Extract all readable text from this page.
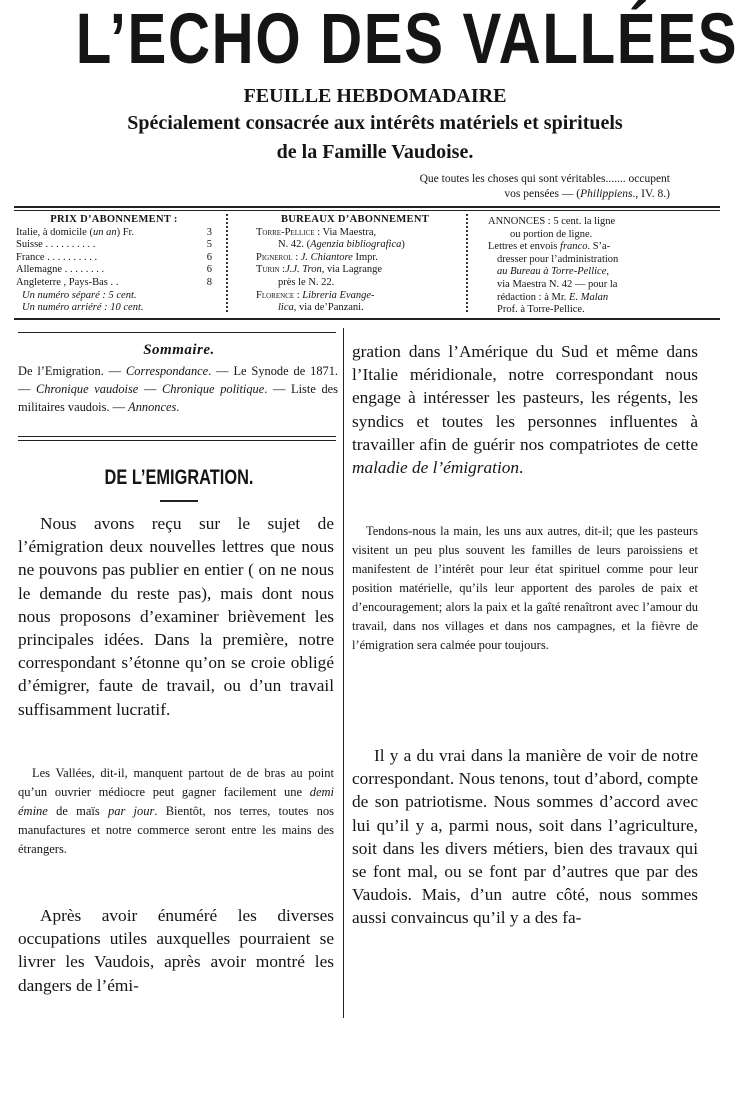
L’ECHO DES VALLÉES
FEUILLE HEBDOMADAIRE
Spécialement consacrée aux intérêts matériels et spirituels
de la Famille Vaudoise.
Que toutes les choses qui sont véritables....... occupent
vos pensées — (Philippiens., IV. 8.)
PRIX D’ABONNEMENT :
Italie, à domicile (un an) Fr.	3
Suisse . . . . . . . . . .	5
France . . . . . . . . . .	6
Allemagne . . . . . . . .	6
Angleterre , Pays-Bas . .	8
Un numéro séparé : 5 cent.
Un numéro arriéré : 10 cent.
BUREAUX D’ABONNEMENT
Torre-Pellice : Via Maestra,
N. 42. (Agenzia bibliografica)
Pignerol : J. Chiantore Impr.
Turin :J.J. Tron, via Lagrange
près le N. 22.
Florence : Libreria Evange-
lica, via de’Panzani.
ANNONCES : 5 cent. la ligne
ou portion de ligne.
Lettres et envois franco. S’a-
dresser pour l’administration
au Bureau à Torre-Pellice,
via Maestra N. 42 — pour la
rédaction : à Mr. E. Malan
Prof. à Torre-Pellice.
Sommaire.
De l’Emigration. — Correspondance. — Le Synode de 1871. — Chronique vaudoise — Chronique politique. — Liste des militaires vaudois. — Annonces.
DE L’EMIGRATION.

Nous avons reçu sur le sujet de l’émigration deux nouvelles lettres que nous ne pouvons pas publier en entier ( on ne nous le demande du reste pas), mais dont nous nous proposons d’examiner brièvement les principales idées. Dans la première, notre correspondant s’étonne qu’on se croie obligé d’émigrer, faute de travail, ou d’un travail suffisamment lucratif.

Les Vallées, dit-il, manquent partout de de bras au point qu’un ouvrier médiocre peut gagner facilement une demi émine de maïs par jour. Bientôt, nos terres, toutes nos manufactures et notre commerce seront entre les mains des étrangers.

Après avoir énuméré les diverses occupations utiles auxquelles pourraient se livrer les Vaudois, après avoir montré les dangers de l’émi-

gration dans l’Amérique du Sud et même dans l’Italie méridionale, notre correspondant nous engage à intéresser les pasteurs, les régents, les syndics et toutes les personnes influentes à travailler afin de guérir nos compatriotes de cette maladie de l’émigration.

Tendons-nous la main, les uns aux autres, dit-il; que les pasteurs visitent un peu plus souvent les familles de leurs paroissiens et manifestent de l’intérêt pour leur état spirituel comme pour leur position matérielle, qu’ils leur apportent des paroles de paix et d’encouragement; alors la paix et la gaîté renaîtront avec l’amour du travail, dans nos villages et dans nos campagnes, et la fièvre de l’émigration sera calmée pour toujours.

Il y a du vrai dans la manière de voir de notre correspondant. Nous tenons, tout d’abord, compte de son patriotisme. Nous sommes d’accord avec lui qu’il y a, parmi nous, soit dans l’agriculture, soit dans les divers métiers, bien des travaux qui se font mal, ou se font par d’autres que par des Vaudois. Mais, d’un autre côté, nous sommes aussi convaincus qu’il y a des fa-
